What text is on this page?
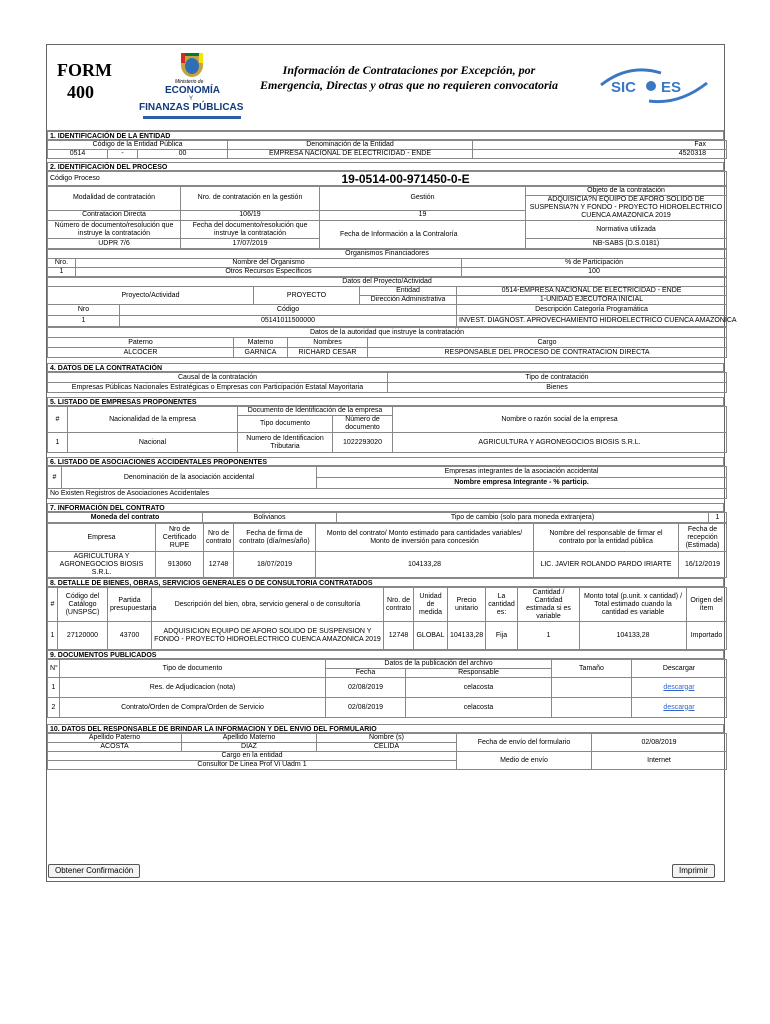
FORM
400	Ministerio de
ECONOMÍA
Y
FINANZAS PÚBLICAS
Información de Contrataciones por Excepción, por Emergencia, Directas y otras que no requieren convocatoria	SIC ES
1. IDENTIFICACIÓN DE LA ENTIDAD
Código de la Entidad Pública			Denominación de la Entidad	Fax
0514	-	00	EMPRESA NACIONAL DE ELECTRICIDAD - ENDE	4520318
2. IDENTIFICACIÓN DEL PROCESO
Código Proceso	19-0514-00-971450-0-E
Modalidad de contratación	Nro. de contratación en la gestión	Gestión	Objeto de la contratación
			ADQUISICIA?N EQUIPO DE AFORO SOLIDO DE SUSPENSIA?N Y FONDO - PROYECTO HIDROELECTRICO CUENCA AMAZONICA 2019
Contratacion Directa	106/19	19	
Número de documento/resolución que instruye la contratación	Fecha del documento/resolución que instruye la contratación	Fecha de Información a la Contraloría	Normativa utilizada
UDPR 7/6	17/07/2019		NB-SABS (D.S.0181)
Organismos Financiadores		
Nro.	Nombre del Organismo	% de Participación
1	Otros Recursos Específicos	100
Datos del Proyecto/Actividad				
Proyecto/Actividad		PROYECTO	Entidad	0514-EMPRESA NACIONAL DE ELECTRICIDAD - ENDE
			Dirección Administrativa	1-UNIDAD EJECUTORA INICIAL
Nro	Código			Descripción Categoría Programática
1	05141011500000			INVEST. DIAGNOST. APROVECHAMIENTO HIDROELECTRICO CUENCA AMAZONICA
Datos de la autoridad que instruye la contratación			
Paterno	Materno	Nombres	Cargo
ALCOCER	GARNICA	RICHARD CESAR	RESPONSABLE DEL PROCESO DE CONTRATACION DIRECTA
4. DATOS DE LA CONTRATACIÓN
Causal de la contratación	Tipo de contratación
Empresas Públicas Nacionales Estratégicas o Empresas con Participación Estatal Mayoritaria	Bienes
5. LISTADO DE EMPRESAS PROPONENTES
#	Nacionalidad de la empresa	Documento de Identificación de la empresa		Nombre o razón social de la empresa
		Tipo documento	Número de documento	
1	Nacional	Numero de Identificacion Tributaria	1022293020	AGRICULTURA Y AGRONEGOCIOS BIOSIS S.R.L.
6. LISTADO DE ASOCIACIONES ACCIDENTALES PROPONENTES
#	Denominación de la asociación accidental	Empresas integrantes de la asociación accidental
Nombre empresa Integrante - % particip.
No Existen Registros de Asociaciones Accidentales
7. INFORMACIÓN DEL CONTRATO
Moneda del contrato	Bolivianos	Tipo de cambio (solo para moneda extranjera)	1
Empresa	Nro de Certificado RUPE	Nro de contrato	Fecha de firma de contrato (día/mes/año)	Monto del contrato/ Monto estimado para cantidades variables/ Monto de inversión para concesión	Nombre del responsable de firmar el contrato por la entidad pública	Fecha de recepción (Estimada)
AGRICULTURA Y AGRONEGOCIOS BIOSIS S.R.L.	913060	12748	18/07/2019	104133,28	LIC. JAVIER ROLANDO PARDO IRIARTE	16/12/2019
8. DETALLE DE BIENES, OBRAS, SERVICIOS GENERALES O DE CONSULTORIA CONTRATADOS
#	Código del Catálogo (UNSPSC)	Partida presupuestaria	Descripción del bien, obra, servicio general o de consultoría	Nro. de contrato	Unidad de medida	Precio unitario	La cantidad es:	Cantidad / Cantidad estimada si es variable	Monto total (p.unit. x cantidad) / Total estimado cuando la cantidad es variable	Origen del ítem
1	27120000	43700	ADQUISICION EQUIPO DE AFORO SOLIDO DE SUSPENSION Y FONDO - PROYECTO HIDROELECTRICO CUENCA AMAZONICA 2019	12748	GLOBAL	104133,28	Fija	1	104133,28	Importado
9. DOCUMENTOS PUBLICADOS
N°	Tipo de documento	Datos de la publicación del archivo		Tamaño	Descargar
		Fecha	Responsable		
1	Res. de Adjudicacion (nota)	02/08/2019	celacosta		descargar
2	Contrato/Orden de Compra/Orden de Servicio	02/08/2019	celacosta		descargar
10. DATOS DEL RESPONSABLE DE BRINDAR LA INFORMACION Y DEL ENVIO DEL FORMULARIO
Apellido Paterno	Apellido Materno	Nombre (s)	Fecha de envío del formulario	02/08/2019
ACOSTA	DIAZ	CELIDA		
Cargo en la entidad			Medio de envío	Internet
Consultor De Linea Prof Vi Uadm 1				
Obtener Confirmación	Imprimir
